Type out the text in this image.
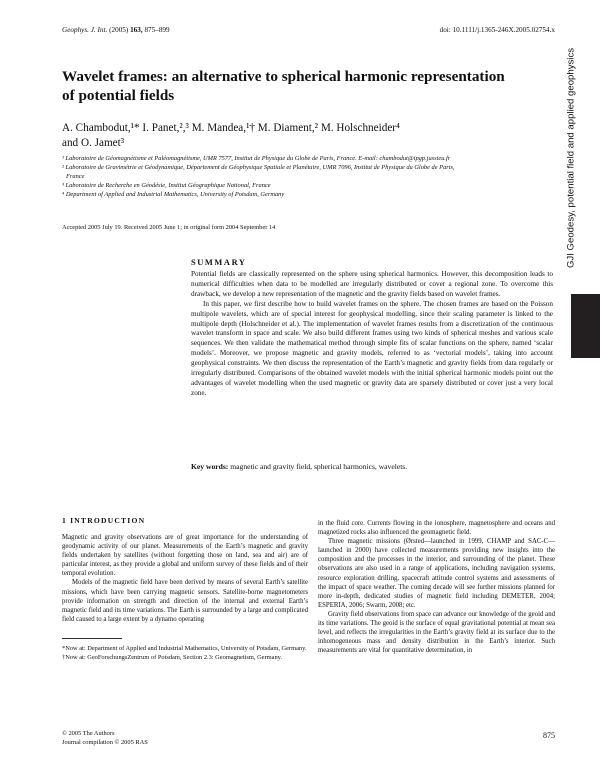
Geophys. J. Int. (2005) 163, 875–899	doi: 10.1111/j.1365-246X.2005.02754.x
GJI Geodesy, potential field and applied geophysics
Wavelet frames: an alternative to spherical harmonic representation
of potential fields
A. Chambodut,¹* I. Panet,²,³ M. Mandea,¹† M. Diament,² M. Holschneider⁴
and O. Jamet³
¹ Laboratoire de Géomagnétisme et Paléomagnétisme, UMR 7577, Institut de Physique du Globe de Paris, France. E-mail: chambodut@ipgp.jussieu.fr
² Laboratoire de Gravimétrie et Géodynamique, Département de Géophysique Spatiale et Planétaire, UMR 7096, Institut de Physique du Globe de Paris,
France
³ Laboratoire de Recherche en Géodésie, Institut Géographique National, France
⁴ Department of Applied and Industrial Mathematics, University of Potsdam, Germany
Accepted 2005 July 19. Received 2005 June 1; in original form 2004 September 14
SUMMARY

Potential fields are classically represented on the sphere using spherical harmonics. However, this decomposition leads to numerical difficulties when data to be modelled are irregularly distributed or cover a regional zone. To overcome this drawback, we develop a new representation of the magnetic and the gravity fields based on wavelet frames.

In this paper, we first describe how to build wavelet frames on the sphere. The chosen frames are based on the Poisson multipole wavelets, which are of special interest for geophysical modelling, since their scaling parameter is linked to the multipole depth (Holschneider et al.). The implementation of wavelet frames results from a discretization of the continuous wavelet transform in space and scale. We also build different frames using two kinds of spherical meshes and various scale sequences. We then validate the mathematical method through simple fits of scalar functions on the sphere, named ‘scalar models’. Moreover, we propose magnetic and gravity models, referred to as ‘vectorial models’, taking into account geophysical constraints. We then discuss the representation of the Earth’s magnetic and gravity fields from data regularly or irregularly distributed. Comparisons of the obtained wavelet models with the initial spherical harmonic models point out the advantages of wavelet modelling when the used magnetic or gravity data are sparsely distributed or cover just a very local zone.

Key words: magnetic and gravity field, spherical harmonics, wavelets.
1 INTRODUCTION

Magnetic and gravity observations are of great importance for the understanding of geodynamic activity of our planet. Measurements of the Earth’s magnetic and gravity fields undertaken by satellites (without forgetting those on land, sea and air) are of particular interest, as they provide a global and uniform survey of these fields and of their temporal evolution.

Models of the magnetic field have been derived by means of several Earth’s satellite missions, which have been carrying magnetic sensors. Satellite-borne magnetometers provide information on strength and direction of the internal and external Earth’s magnetic field and its time variations. The Earth is surrounded by a large and complicated field caused to a large extent by a dynamo operating

*Now at: Department of Applied and Industrial Mathematics, University of Potsdam, Germany.

†Now at: GeoForschungsZentrum of Potsdam, Section 2.3: Geomagnetism, Germany.

in the fluid core. Currents flowing in the ionosphere, magnetosphere and oceans and magnetized rocks also influenced the geomagnetic field.

Three magnetic missions (Ørsted—launched in 1999, CHAMP and SAC-C—launched in 2000) have collected measurements providing new insights into the composition and the processes in the interior, and surrounding of the planet. These observations are also used in a range of applications, including navigation systems, resource exploration drilling, spacecraft attitude control systems and assessments of the impact of space weather. The coming decade will see further missions planned for more in-depth, dedicated studies of magnetic field including DEMETER, 2004; ESPERIA, 2006; Swarm, 2008; etc.

Gravity field observations from space can advance our knowledge of the geoid and its time variations. The geoid is the surface of equal gravitational potential at mean sea level, and reflects the irregularities in the Earth’s gravity field at its surface due to the inhomogeneous mass and density distribution in the Earth’s interior. Such measurements are vital for quantitative determination, in

© 2005 The Authors
Journal compilation © 2005 RAS
875
